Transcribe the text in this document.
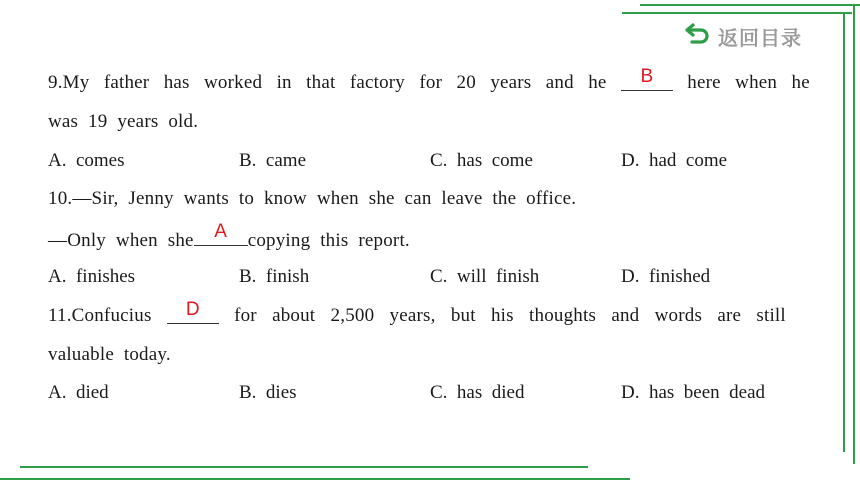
返回目录
9.My father has worked in that factory for 20 years and he	B	here when he
was  19  years  old.
A.  comes	B.  came	C.  has  come	D.  had  come
10.—Sir,  Jenny  wants  to  know  when  she  can  leave  the  office.
—Only  when  she	A	copying  this  report.
A.  finishes	B.  finish	C.  will  finish	D.  finished
11.Confucius	D	for about 2,500 years, but his thoughts and words are still
valuable  today.
A.  died	B.  dies	C.  has  died	D.  has  been  dead
